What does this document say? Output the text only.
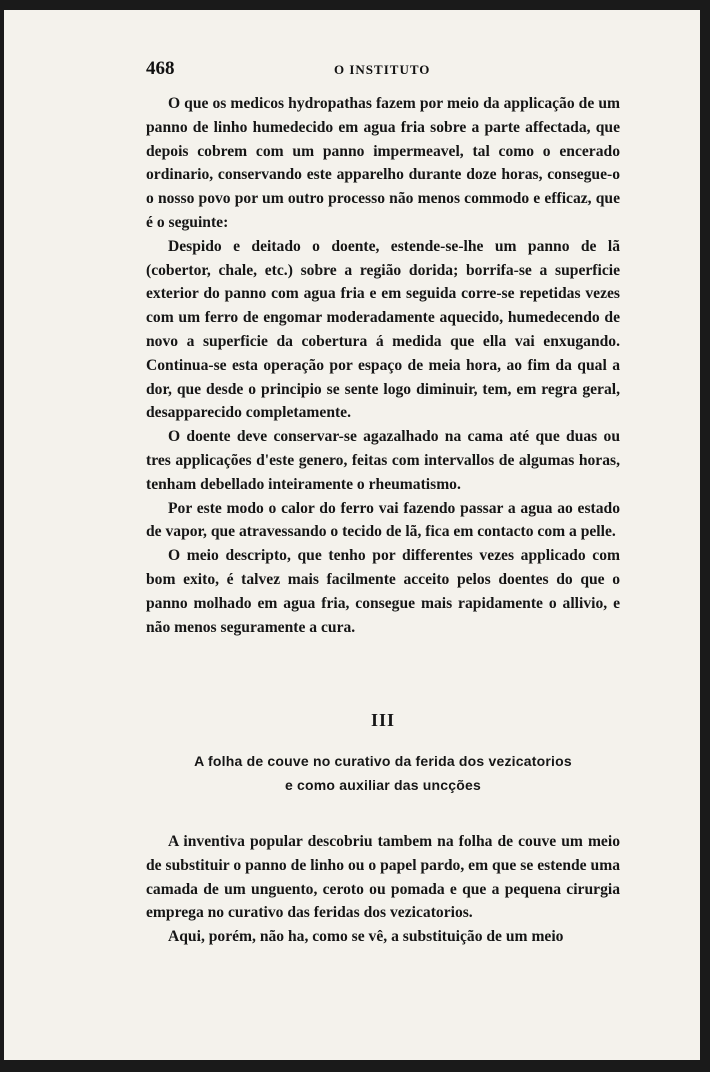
468	O INSTITUTO

O que os medicos hydropathas fazem por meio da applicação de um panno de linho humedecido em agua fria sobre a parte affectada, que depois cobrem com um panno impermeavel, tal como o encerado ordinario, conservando este apparelho durante doze horas, consegue-o o nosso povo por um outro processo não menos commodo e efficaz, que é o seguinte:

Despido e deitado o doente, estende-se-lhe um panno de lã (cobertor, chale, etc.) sobre a região dorida; borrifa-se a superficie exterior do panno com agua fria e em seguida corre-se repetidas vezes com um ferro de engomar moderadamente aquecido, humedecendo de novo a superficie da cobertura á medida que ella vai enxugando. Continua-se esta operação por espaço de meia hora, ao fim da qual a dor, que desde o principio se sente logo diminuir, tem, em regra geral, desapparecido completamente.

O doente deve conservar-se agazalhado na cama até que duas ou tres applicações d'este genero, feitas com intervallos de algumas horas, tenham debellado inteiramente o rheumatismo.

Por este modo o calor do ferro vai fazendo passar a agua ao estado de vapor, que atravessando o tecido de lã, fica em contacto com a pelle.

O meio descripto, que tenho por differentes vezes applicado com bom exito, é talvez mais facilmente acceito pelos doentes do que o panno molhado em agua fria, consegue mais rapidamente o allivio, e não menos seguramente a cura.

III
A folha de couve no curativo da ferida dos vezicatorios
e como auxiliar das uncções

A inventiva popular descobriu tambem na folha de couve um meio de substituir o panno de linho ou o papel pardo, em que se estende uma camada de um unguento, ceroto ou pomada e que a pequena cirurgia emprega no curativo das feridas dos vezicatorios.

Aqui, porém, não ha, como se vê, a substituição de um meio
